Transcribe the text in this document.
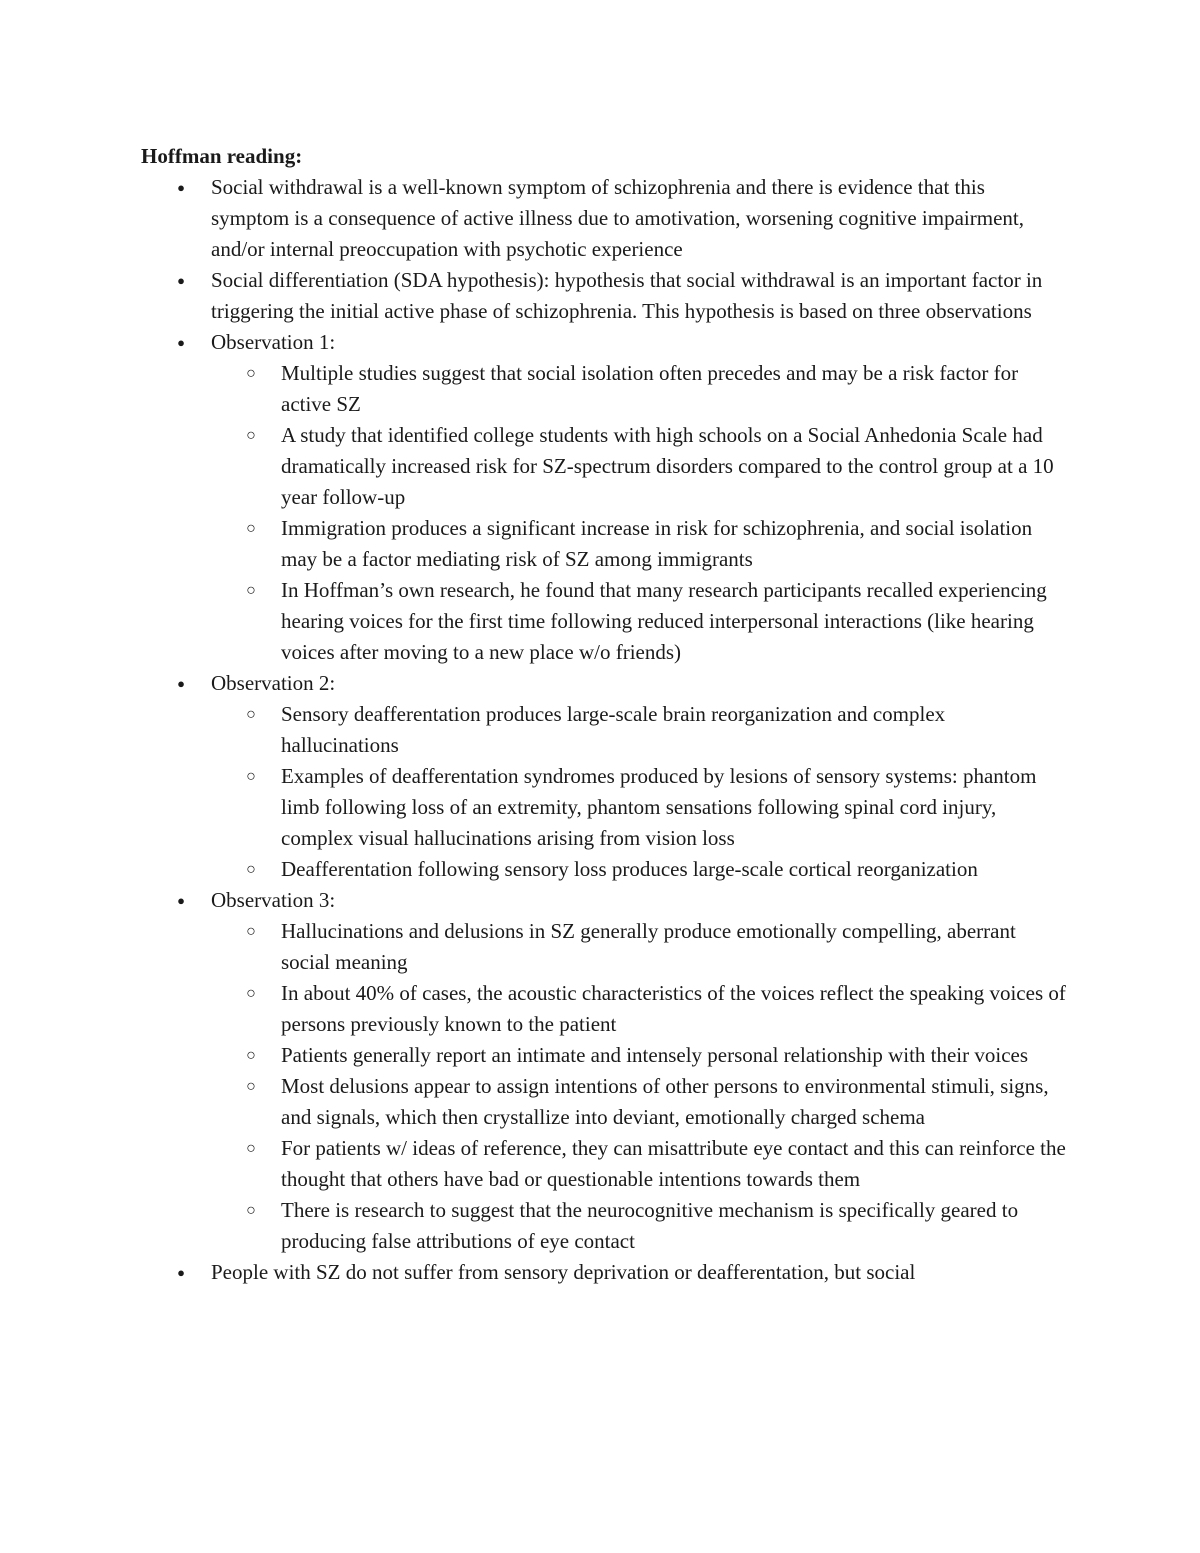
Hoffman reading:
● Social withdrawal is a well-known symptom of schizophrenia and there is evidence that this symptom is a consequence of active illness due to amotivation, worsening cognitive impairment, and/or internal preoccupation with psychotic experience
● Social differentiation (SDA hypothesis): hypothesis that social withdrawal is an important factor in triggering the initial active phase of schizophrenia. This hypothesis is based on three observations
● Observation 1:
○ Multiple studies suggest that social isolation often precedes and may be a risk factor for active SZ
○ A study that identified college students with high schools on a Social Anhedonia Scale had dramatically increased risk for SZ-spectrum disorders compared to the control group at a 10 year follow-up
○ Immigration produces a significant increase in risk for schizophrenia, and social isolation may be a factor mediating risk of SZ among immigrants
○ In Hoffman’s own research, he found that many research participants recalled experiencing hearing voices for the first time following reduced interpersonal interactions (like hearing voices after moving to a new place w/o friends)
● Observation 2:
○ Sensory deafferentation produces large-scale brain reorganization and complex hallucinations
○ Examples of deafferentation syndromes produced by lesions of sensory systems: phantom limb following loss of an extremity, phantom sensations following spinal cord injury, complex visual hallucinations arising from vision loss
○ Deafferentation following sensory loss produces large-scale cortical reorganization
● Observation 3:
○ Hallucinations and delusions in SZ generally produce emotionally compelling, aberrant social meaning
○ In about 40% of cases, the acoustic characteristics of the voices reflect the speaking voices of persons previously known to the patient
○ Patients generally report an intimate and intensely personal relationship with their voices
○ Most delusions appear to assign intentions of other persons to environmental stimuli, signs, and signals, which then crystallize into deviant, emotionally charged schema
○ For patients w/ ideas of reference, they can misattribute eye contact and this can reinforce the thought that others have bad or questionable intentions towards them
○ There is research to suggest that the neurocognitive mechanism is specifically geared to producing false attributions of eye contact
● People with SZ do not suffer from sensory deprivation or deafferentation, but social
